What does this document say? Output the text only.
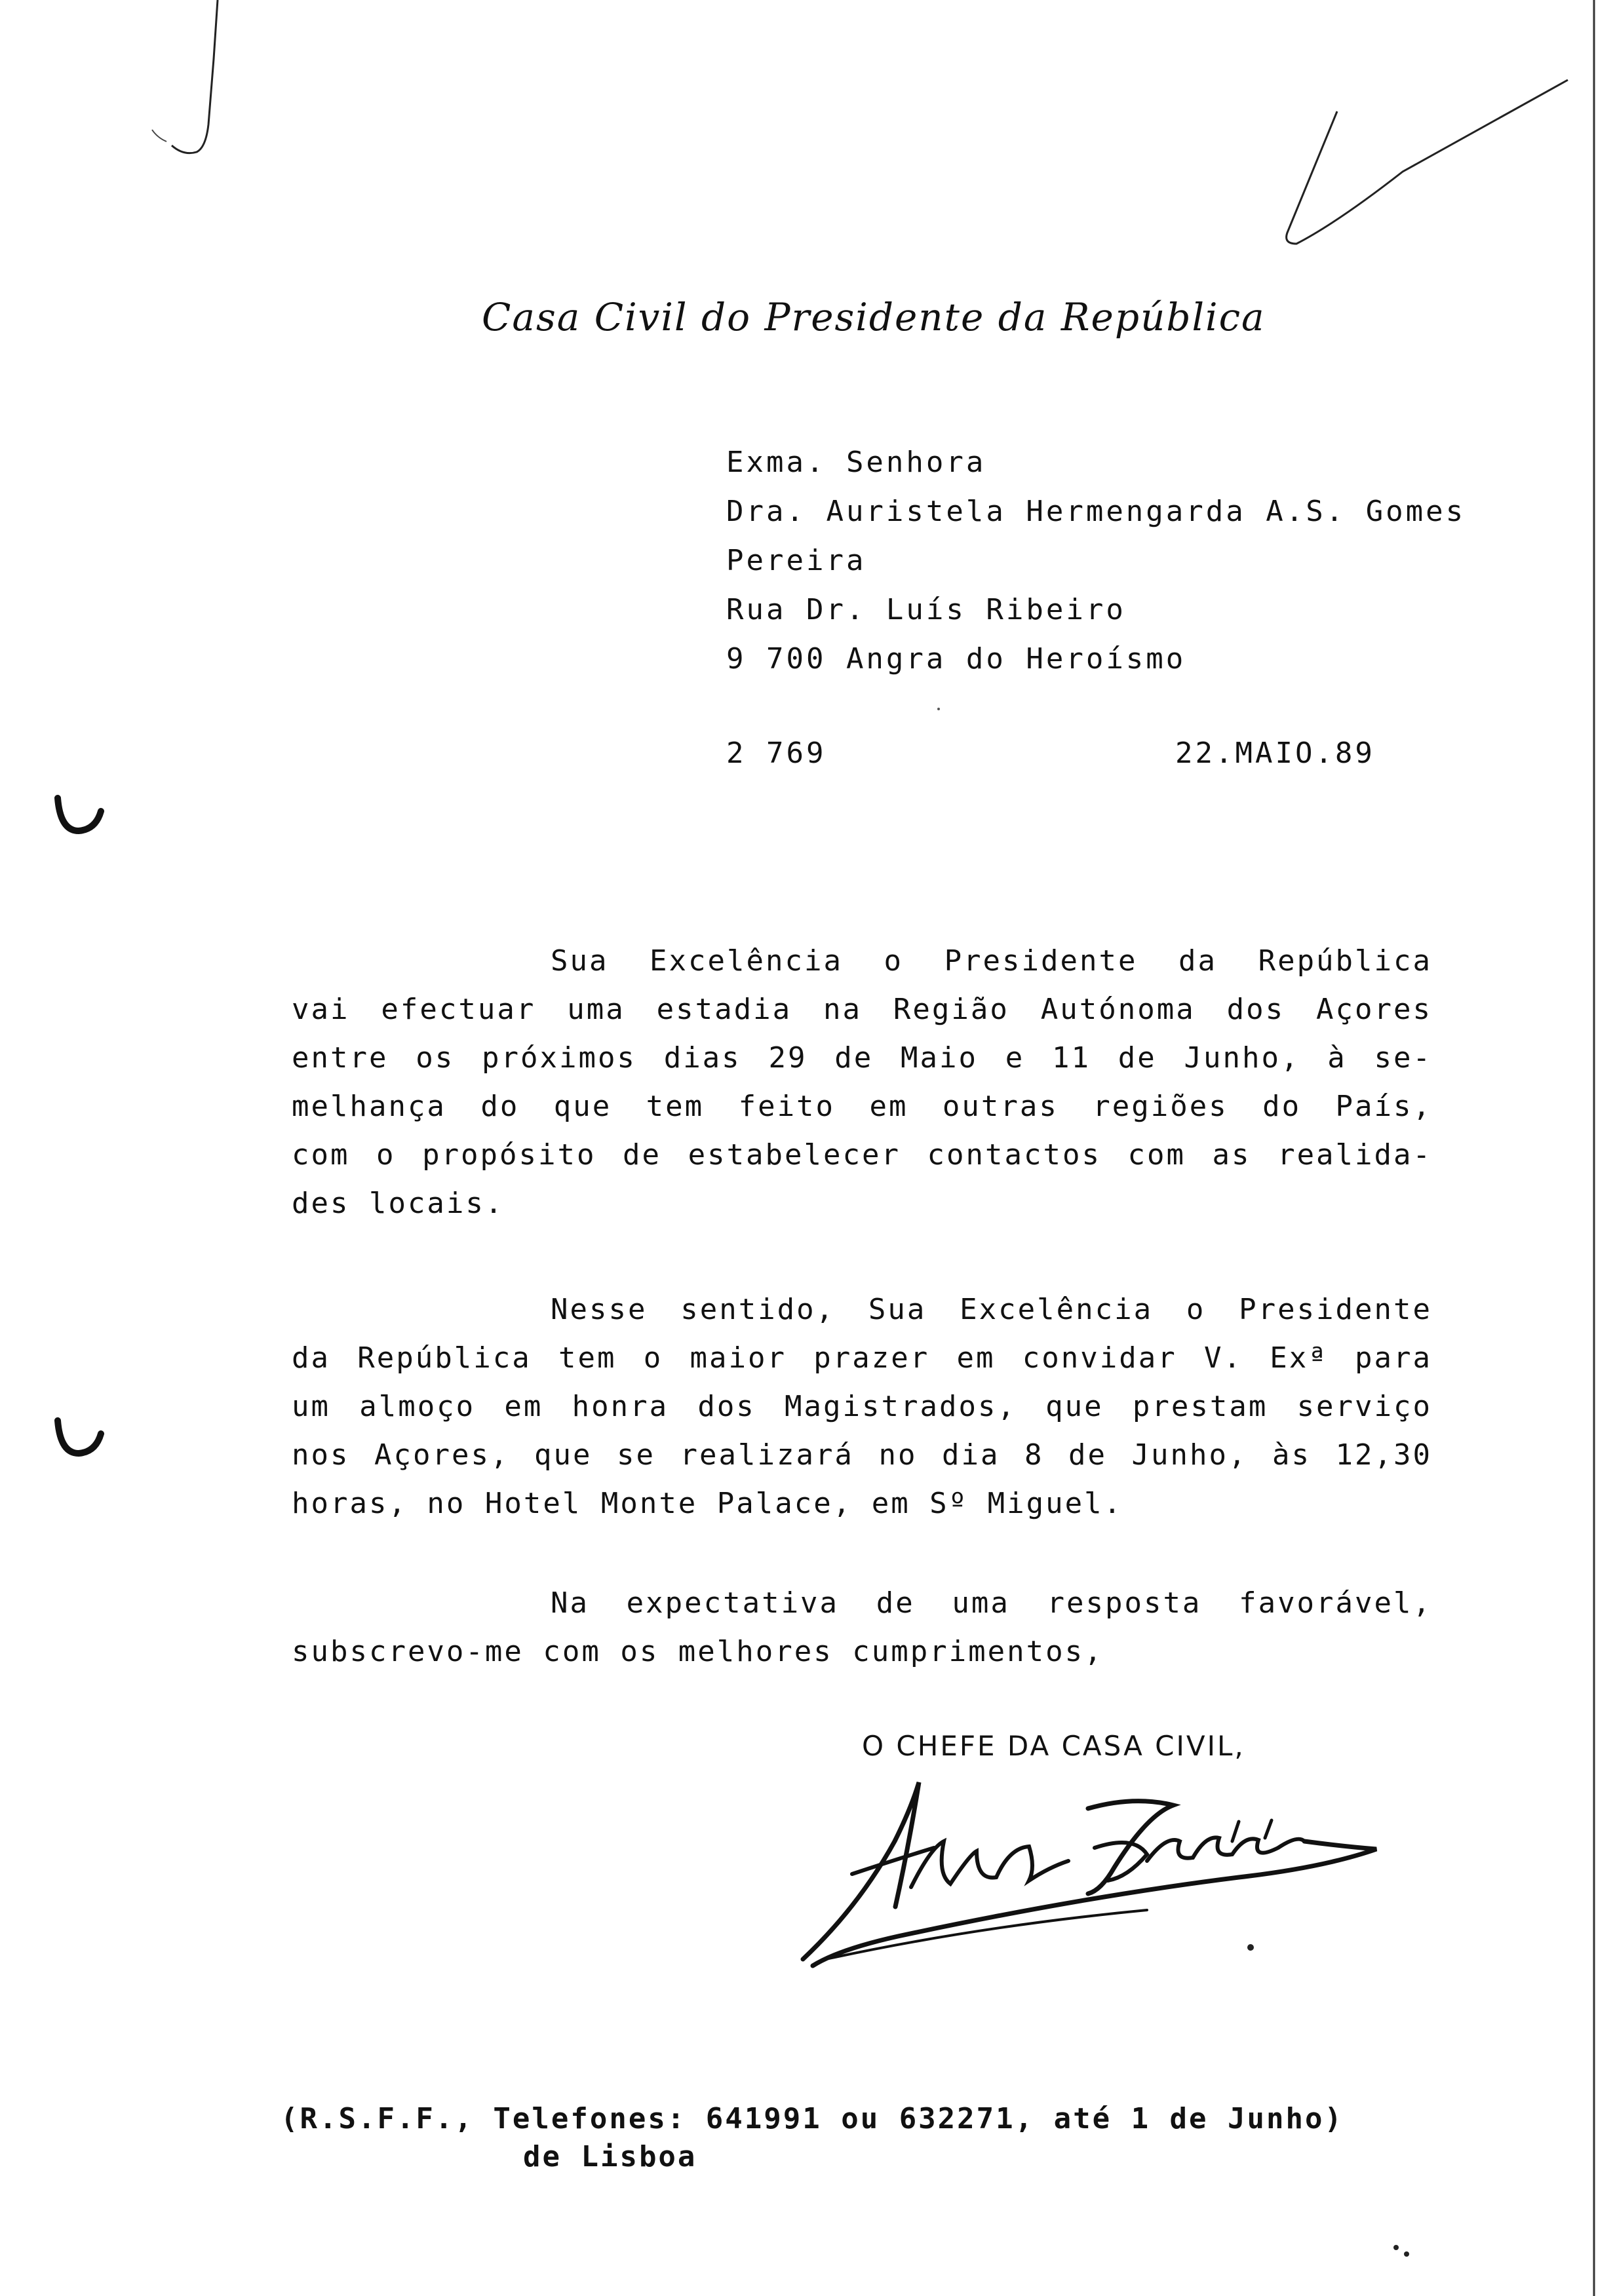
Casa Civil do Presidente da República
Exma. Senhora
Dra. Auristela Hermengarda A.S. Gomes
Pereira
Rua Dr. Luís Ribeiro
9 700 Angra do Heroísmo
2 769	22.MAIO.89
Sua Excelência o Presidente da República
vai efectuar uma estadia na Região Autónoma dos Açores
entre os próximos dias 29 de Maio e 11 de Junho, à se-
melhança do que tem feito em outras regiões do País,
com o propósito de estabelecer contactos com as realida-
des locais.
Nesse sentido, Sua Excelência o Presidente
da República tem o maior prazer em convidar V. Exª para
um almoço em honra dos Magistrados, que prestam serviço
nos Açores, que se realizará no dia 8 de Junho, às 12,30
horas, no Hotel Monte Palace, em Sº Miguel.
Na expectativa de uma resposta favorável,
subscrevo-me com os melhores cumprimentos,
O CHEFE DA CASA CIVIL,
(R.S.F.F., Telefones: 641991 ou 632271, até 1 de Junho)
de Lisboa
